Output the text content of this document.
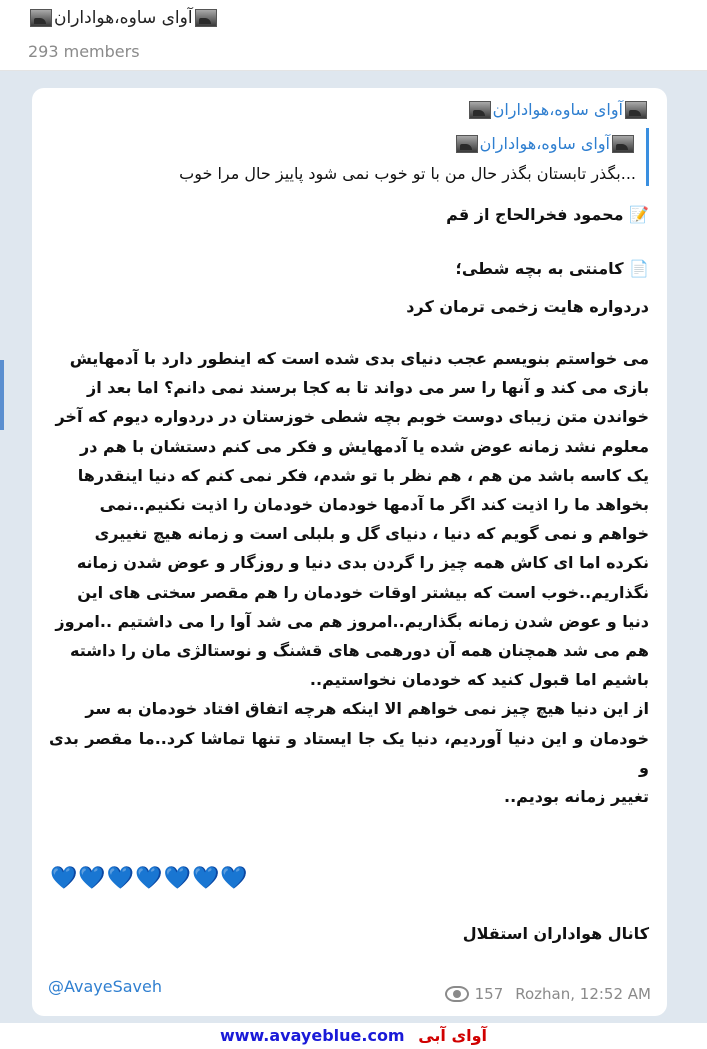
آوای ساوه،هواداران
293 members
آوای ساوه،هواداران
آوای ساوه،هواداران
...بگذر تابستان بگذر حال من با تو خوب نمی شود پاییز حال مرا خوب
📝 محمود فخرالحاج از قم
📄 کامنتی به بچه شطی؛
دردواره هایت زخمی ترمان کرد
می خواستم بنویسم عجب دنیای بدی شده است که اینطور دارد با آدمهایش
بازی می کند و آنها را سر می دواند تا به کجا برسند نمی دانم؟ اما بعد از
خواندن متن زیبای دوست خوبم بچه شطی خوزستان در دردواره دیوم که آخر
معلوم نشد زمانه عوض شده یا آدمهایش و فکر می کنم دستشان با هم در
یک کاسه باشد من هم ، هم نظر با تو شدم، فکر نمی کنم که دنیا اینقدرها
بخواهد ما را اذیت کند اگر ما آدمها خودمان خودمان را اذیت نکنیم..نمی
خواهم و نمی گویم که دنیا ، دنیای گل و بلبلی است و زمانه هیچ تغییری
نکرده اما ای کاش همه چیز را گردن بدی دنیا و روزگار و عوض شدن زمانه
نگذاریم..خوب است که بیشتر اوقات خودمان را هم مقصر سختی های این
دنیا و عوض شدن زمانه بگذاریم..امروز هم می شد آوا را می داشتیم ..امروز
هم می شد همچنان همه آن دورهمی های قشنگ و نوستالژی مان را داشته
باشیم اما قبول کنید که خودمان نخواستیم..
از این دنیا هیچ چیز نمی خواهم الا اینکه هرچه اتفاق افتاد خودمان به سر
خودمان و این دنیا آوردیم، دنیا یک جا ایستاد و تنها تماشا کرد..ما مقصر بدی و
تغییر زمانه بودیم..
💙💙💙💙💙💙💙
کانال هواداران استقلال
@AvayeSaveh	157 Rozhan, 12:52 AM
www.avayeblue.com آوای آبی
